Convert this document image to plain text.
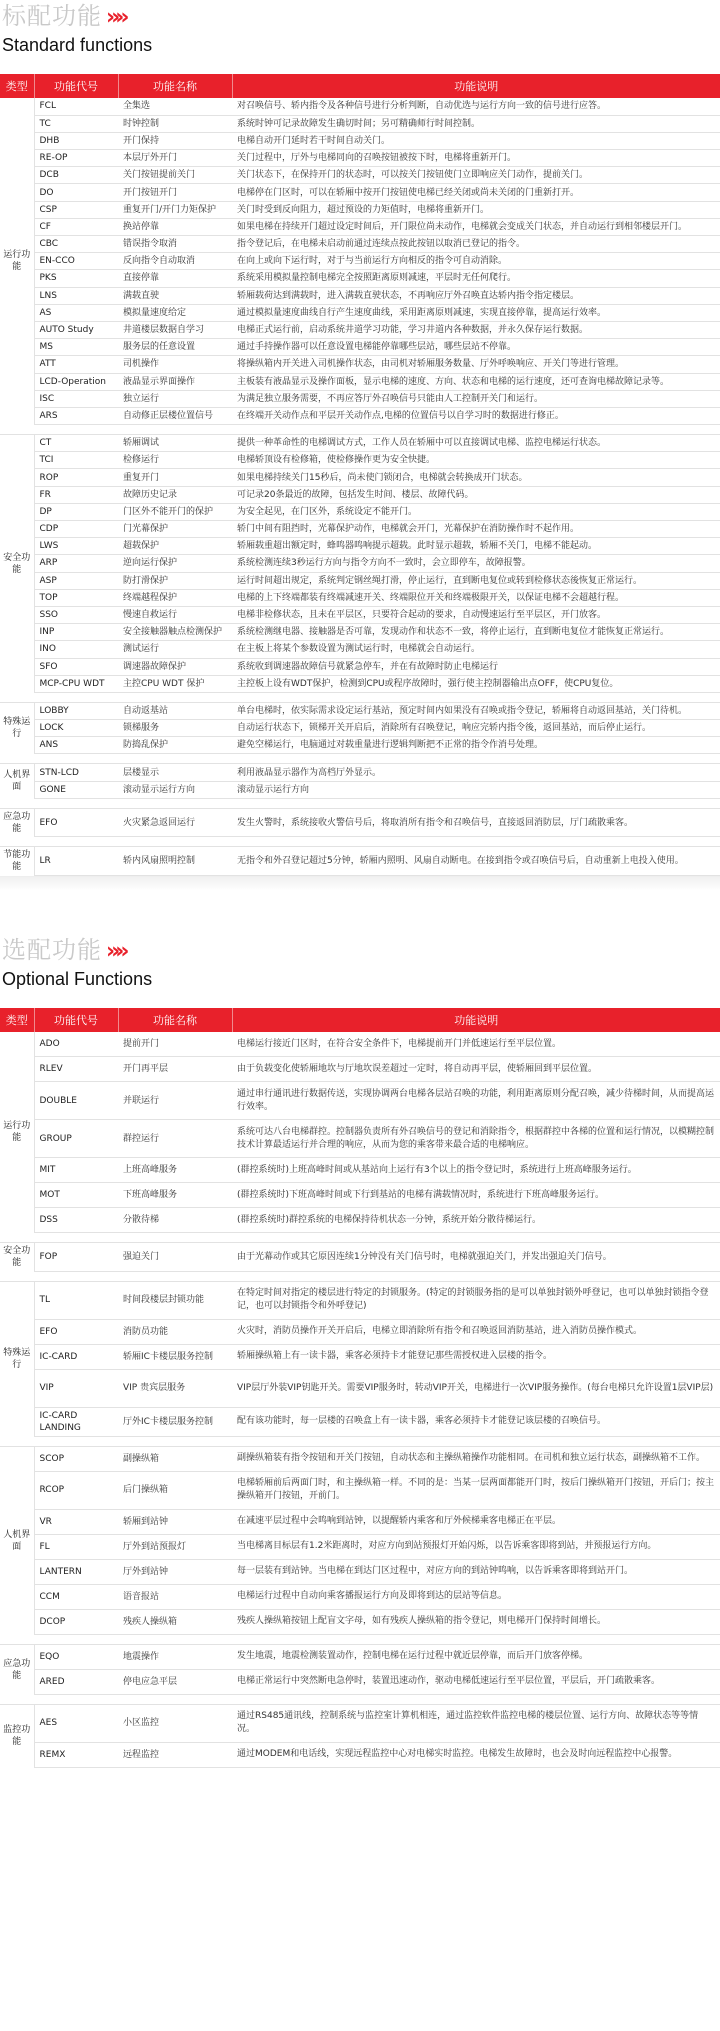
标配功能 »»
Standard functions
类型	功能代号	功能名称	功能说明
运行功能	FCL	全集选	对召唤信号、轿内指令及各种信号进行分析判断，自动优选与运行方向一致的信号进行应答。
	TC	时钟控制	系统时钟可记录故障发生确切时间；另可精确师行时间控制。
	DHB	开门保持	电梯自动开门延时若干时间自动关门。
	RE-OP	本层厅外开门	关门过程中，厅外与电梯同向的召唤按钮被按下时，电梯将重新开门。
	DCB	关门按钮提前关门	关门状态下，在保持开门的状态时，可以按关门按钮使门立即响应关门动作，提前关门。
	DO	开门按钮开门	电梯停在门区时，可以在轿厢中按开门按钮使电梯已经关闭或尚未关闭的门重新打开。
	CSP	重复开门/开门力矩保护	关门时受到反向阻力，超过预设的力矩值时，电梯将重新开门。
	CF	换站停靠	如果电梯在持续开门超过设定时间后，开门限位尚未动作，电梯就会变成关门状态，并自动运行到相邻楼层开门。
	CBC	错误指令取消	指令登记后，在电梯未启动前通过连续点按此按钮以取消已登记的指令。
	EN-CCO	反向指令自动取消	在向上或向下运行时，对于与当前运行方向相反的指令可自动消除。
	PKS	直接停靠	系统采用模拟量控制电梯完全按照距离原则减速，平层时无任何爬行。
	LNS	满载直驶	轿厢载荷达到满载时，进入满载直驶状态，不再响应厅外召唤直达轿内指令指定楼层。
	AS	模拟量速度给定	通过模拟量速度曲线自行产生速度曲线，采用距离原则减速，实现直接停靠，提高运行效率。
	AUTO Study	井道楼层数据自学习	电梯正式运行前，启动系统井道学习功能，学习井道内各种数据，并永久保存运行数据。
	MS	服务层的任意设置	通过手持操作器可以任意设置电梯能停靠哪些层站，哪些层站不停靠。
	ATT	司机操作	将操纵箱内开关进入司机操作状态，由司机对轿厢服务数量、厅外呼唤响应、开关门等进行管理。
	LCD-Operation	液晶显示界面操作	主板装有液晶显示及操作面板，显示电梯的速度、方向、状态和电梯的运行速度，还可查询电梯故障记录等。
	ISC	独立运行	为满足独立服务需要，不再应答厅外召唤信号只能由人工控制开关门和运行。
	ARS	自动修正层楼位置信号	在终端开关动作点和平层开关动作点,电梯的位置信号以自学习时的数据进行修正。

安全功能	CT	轿厢调试	提供一种革命性的电梯调试方式，工作人员在轿厢中可以直接调试电梯、监控电梯运行状态。
	TCI	检修运行	电梯轿顶设有检修箱，使检修操作更为安全快捷。
	ROP	重复开门	如果电梯持续关门15秒后，尚未使门锁闭合，电梯就会转换成开门状态。
	FR	故障历史记录	可记录20条最近的故障，包括发生时间、楼层、故障代码。
	DP	门区外不能开门的保护	为安全起见，在门区外，系统设定不能开门。
	CDP	门光幕保护	轿门中间有阻挡时，光幕保护动作，电梯就会开门，光幕保护在消防操作时不起作用。
	LWS	超载保护	轿厢载重超出额定时，蜂鸣器鸣响提示超载。此时显示超载，轿厢不关门，电梯不能起动。
	ARP	逆向运行保护	系统检测连续3秒运行方向与指令方向不一致时，会立即停车，故障报警。
	ASP	防打滑保护	运行时间超出规定，系统判定钢丝绳打滑，停止运行，直到断电复位或转到检修状态後恢复正常运行。
	TOP	终端越程保护	电梯的上下终端都装有终端减速开关、终端限位开关和终端极限开关，以保证电梯不会超越行程。
	SSO	慢速自救运行	电梯非检修状态，且未在平层区，只要符合起动的要求，自动慢速运行至平层区，开门放客。
	INP	安全接触器触点检测保护	系统检测继电器、接触器是否可靠，发现动作和状态不一致，将停止运行，直到断电复位才能恢复正常运行。
	INO	测试运行	在主板上将某个参数设置为测试运行时，电梯就会自动运行。
	SFO	调速器故障保护	系统收到调速器故障信号就紧急停车，并在有故障时防止电梯运行
	MCP-CPU WDT	主控CPU WDT 保护	主控板上设有WDT保护，检测到CPU或程序故障时，强行使主控制器输出点OFF，使CPU复位。

特殊运行	LOBBY	自动返基站	单台电梯时，依实际需求设定运行基站，预定时间内如果没有召唤或指令登记，轿厢将自动返回基站，关门待机。
	LOCK	锁梯服务	自动运行状态下，锁梯开关开启后，消除所有召唤登记，响应完轿内指令後，返回基站，而后停止运行。
	ANS	防捣乱保护	避免空梯运行，电脑通过对载重量进行逻辑判断把不正常的指令作消号处理。

人机界面	STN-LCD	层楼显示	利用液晶显示器作为高档厅外显示。
	GONE	滚动显示运行方向	滚动显示运行方向

应急功能	EFO	火灾紧急返回运行	发生火警时，系统接收火警信号后，将取消所有指令和召唤信号，直接返回消防层，厅门疏散乘客。

节能功能	LR	轿内风扇照明控制	无指令和外召登记超过5分钟，轿厢内照明、风扇自动断电。在接到指令或召唤信号后，自动重新上电投入使用。
选配功能 »»
Optional Functions
类型	功能代号	功能名称	功能说明
运行功能	ADO	提前开门	电梯运行接近门区时，在符合安全条件下，电梯提前开门并低速运行至平层位置。
	RLEV	开门再平层	由于负载变化使轿厢地坎与厅地坎误差超过一定时，将自动再平层，使轿厢回到平层位置。
	DOUBLE	并联运行	通过串行通讯进行数据传送，实现协调两台电梯各层站召唤的功能，利用距离原则分配召唤，减少待梯时间，从而提高运行效率。
	GROUP	群控运行	系统可达八台电梯群控。控制器负责所有外召唤信号的登记和消除指令，根据群控中各梯的位置和运行情况，以模糊控制技术计算最适运行并合理的响应，从而为您的乘客带来最合适的电梯响应。
	MIT	上班高峰服务	(群控系统时)上班高峰时间或从基站向上运行有3个以上的指令登记时，系统进行上班高峰服务运行。
	MOT	下班高峰服务	(群控系统时)下班高峰时间或下行到基站的电梯有满载情况时，系统进行下班高峰服务运行。
	DSS	分散待梯	(群控系统时)群控系统的电梯保持待机状态一分钟，系统开始分散待梯运行。

安全功能	FOP	强迫关门	由于光幕动作或其它原因连续1分钟没有关门信号时，电梯就强迫关门，并发出强迫关门信号。

特殊运行	TL	时间段楼层封锁功能	在特定时间对指定的楼层进行特定的封锁服务。(特定的封锁服务指的是可以单独封锁外呼登记，也可以单独封锁指令登记，也可以封锁指令和外呼登记)
	EFO	消防员功能	火灾时，消防员操作开关开启后，电梯立即消除所有指令和召唤返回消防基站，进入消防员操作模式。
	IC-CARD	轿厢IC卡楼层服务控制	轿厢操纵箱上有一读卡器，乘客必须持卡才能登记那些需授权进入层楼的指令。
	VIP	VIP 贵宾层服务	VIP层厅外装VIP钥匙开关。需要VIP服务时，转动VIP开关，电梯进行一次VIP服务操作。(每台电梯只允许设置1层VIP层)
	IC-CARD LANDING	厅外IC卡楼层服务控制	配有该功能时，每一层楼的召唤盒上有一读卡器，乘客必须持卡才能登记该层楼的召唤信号。

人机界面	SCOP	副操纵箱	副操纵箱装有指令按钮和开关门按钮，自动状态和主操纵箱操作功能相同。在司机和独立运行状态，副操纵箱不工作。
	RCOP	后门操纵箱	电梯轿厢前后两面门时，和主操纵箱一样。不同的是：当某一层两面都能开门时，按后门操纵箱开门按钮，开后门；按主操纵箱开门按钮，开前门。
	VR	轿厢到站钟	在减速平层过程中会鸣响到站钟，以提醒轿内乘客和厅外候梯乘客电梯正在平层。
	FL	厅外到站预报灯	当电梯离目标层有1.2米距离时，对应方向到站预报灯开始闪烁，以告诉乘客即将到站，并预报运行方向。
	LANTERN	厅外到站钟	每一层装有到站钟。当电梯在到达门区过程中，对应方向的到站钟鸣响，以告诉乘客即将到站开门。
	CCM	语音报站	电梯运行过程中自动向乘客播报运行方向及即将到达的层站等信息。
	DCOP	残疾人操纵箱	残疾人操纵箱按钮上配盲文字母，如有残疾人操纵箱的指令登记，则电梯开门保持时间增长。

应急功能	EQO	地震操作	发生地震，地震检测装置动作，控制电梯在运行过程中就近层停靠，而后开门放客停梯。
	ARED	停电应急平层	电梯正常运行中突然断电急停时，装置迅速动作，驱动电梯低速运行至平层位置，平层后，开门疏散乘客。

监控功能	AES	小区监控	通过RS485通讯线，控制系统与监控室计算机相连，通过监控软件监控电梯的楼层位置、运行方向、故障状态等等情况。
	REMX	远程监控	通过MODEM和电话线，实现远程监控中心对电梯实时监控。电梯发生故障时，也会及时向远程监控中心报警。
